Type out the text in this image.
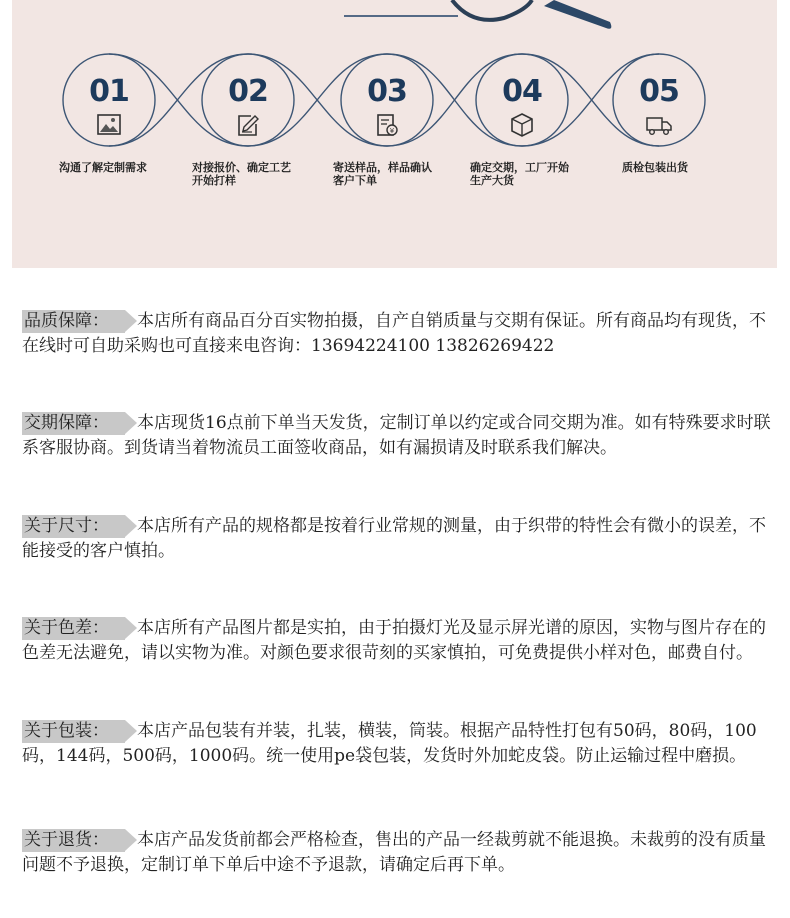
01	02	03
¥
04	05
沟通了解定制需求	对接报价、确定工艺
开始打样
寄送样品，样品确认
客户下单
确定交期，工厂开始
生产大货
质检包装出货
品质保障： 本店所有商品百分百实物拍摄，自产自销质量与交期有保证。所有商品均有现货，不在线时可自助采购也可直接来电咨询：13694224100 13826269422
交期保障： 本店现货16点前下单当天发货，定制订单以约定或合同交期为准。如有特殊要求时联系客服协商。到货请当着物流员工面签收商品，如有漏损请及时联系我们解决。
关于尺寸： 本店所有产品的规格都是按着行业常规的测量，由于织带的特性会有微小的误差，不能接受的客户慎拍。
关于色差： 本店所有产品图片都是实拍，由于拍摄灯光及显示屏光谱的原因，实物与图片存在的色差无法避免，请以实物为准。对颜色要求很苛刻的买家慎拍，可免费提供小样对色，邮费自付。
关于包装： 本店产品包装有并装，扎装，横装，筒装。根据产品特性打包有50码，80码，100码，144码，500码，1000码。统一使用pe袋包装，发货时外加蛇皮袋。防止运输过程中磨损。
关于退货： 本店产品发货前都会严格检查，售出的产品一经裁剪就不能退换。未裁剪的没有质量问题不予退换，定制订单下单后中途不予退款，请确定后再下单。
